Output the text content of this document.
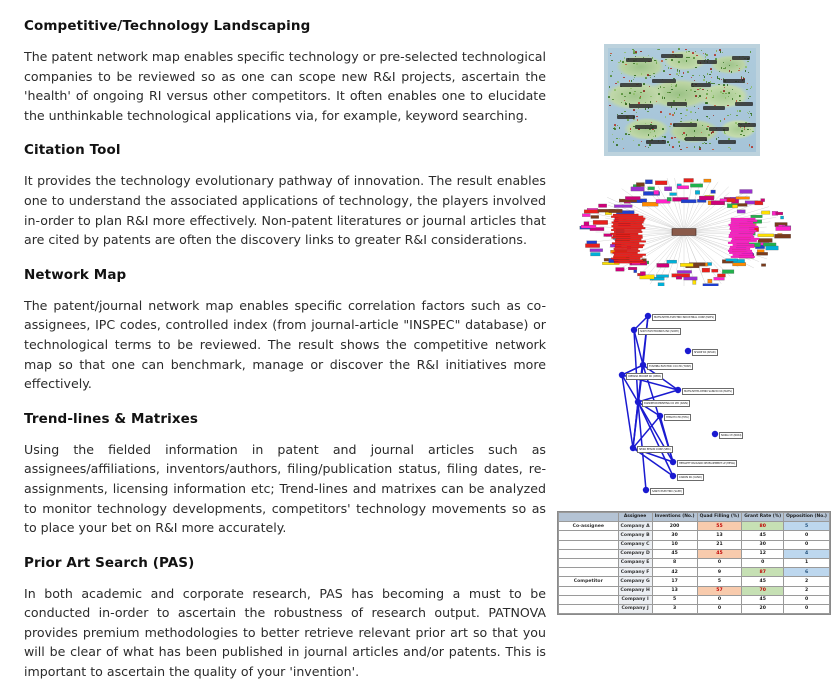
Competitive/Technology Landscaping

The patent network map enables specific technology or pre-selected technological companies to be reviewed so as one can scope new R&I projects, ascertain the 'health' of ongoing RI versus other competitors. It often enables one to elucidate the unthinkable technological applications via, for example, keyword searching.

Citation Tool

It provides the technology evolutionary pathway of innovation. The result enables one to understand the associated applications of technology, the players involved in-order to plan R&I more effectively. Non-patent literatures or journal articles that are cited by patents are often the discovery links to greater R&I considerations.

Network Map

The patent/journal network map enables specific correlation factors such as co-assignees, IPC codes, controlled index (from journal-article "INSPEC" database) or technological terms to be reviewed. The result shows the competitive network map so that one can benchmark, manage or discover the R&I initiatives more effectively.

Trend-lines & Matrixes

Using the fielded information in patent and journal articles such as assignees/affiliations, inventors/authors, filing/publication status, filing dates, re-assignments, licensing information etc; Trend-lines and matrixes can be analyzed to monitor technology developments, competitors' technology movements so as to place your bet on R&I more accurately.

Prior Art Search (PAS)

In both academic and corporate research, PAS has becoming a must to be conducted in-order to ascertain the robustness of research output. PATNOVA provides premium methodologies to better retrieve relevant prior art so that you will be clear of what has been published in journal articles and/or patents. This is important to ascertain the quality of your 'invention'.

MATSUSHITA ELECTRIC INDUSTRIAL CORP (MATS)
SONY ELECTRONICS INC (SONY)
SHARP KK (SHAR)
TOSHIBA ELECTRIC CO LTD (TOSH)
OPPAMA MOORE KK (OPPA)
MATSUSHITA DENKI SANGYO KK (MATS)
DAINIPPON PRINTING CO LTD (DAIN)
HITACHI LTD (HITA)
NOKIA OY (NOKI)
SEIKO EPSON CORP (SEIK)
HEWLETT PACKARD DEVELOPMENT LP (HEWL)
CANON KK (CANO)
SANYO ELECTRIC (SANY)
	Assignee	Inventions (No.)	Quad Filling (%)	Grant Rate (%)	Opposition (No.)
Co-assignee	Company A	200	55	80	5
	Company B	30	13	45	0
	Company C	10	21	30	0
	Company D	45	45	12	4
	Company E	8	0	0	1
	Company F	42	9	87	6
Competitor	Company G	17	5	45	2
	Company H	13	57	70	2
	Company I	5	0	45	0
	Company J	3	0	20	0
